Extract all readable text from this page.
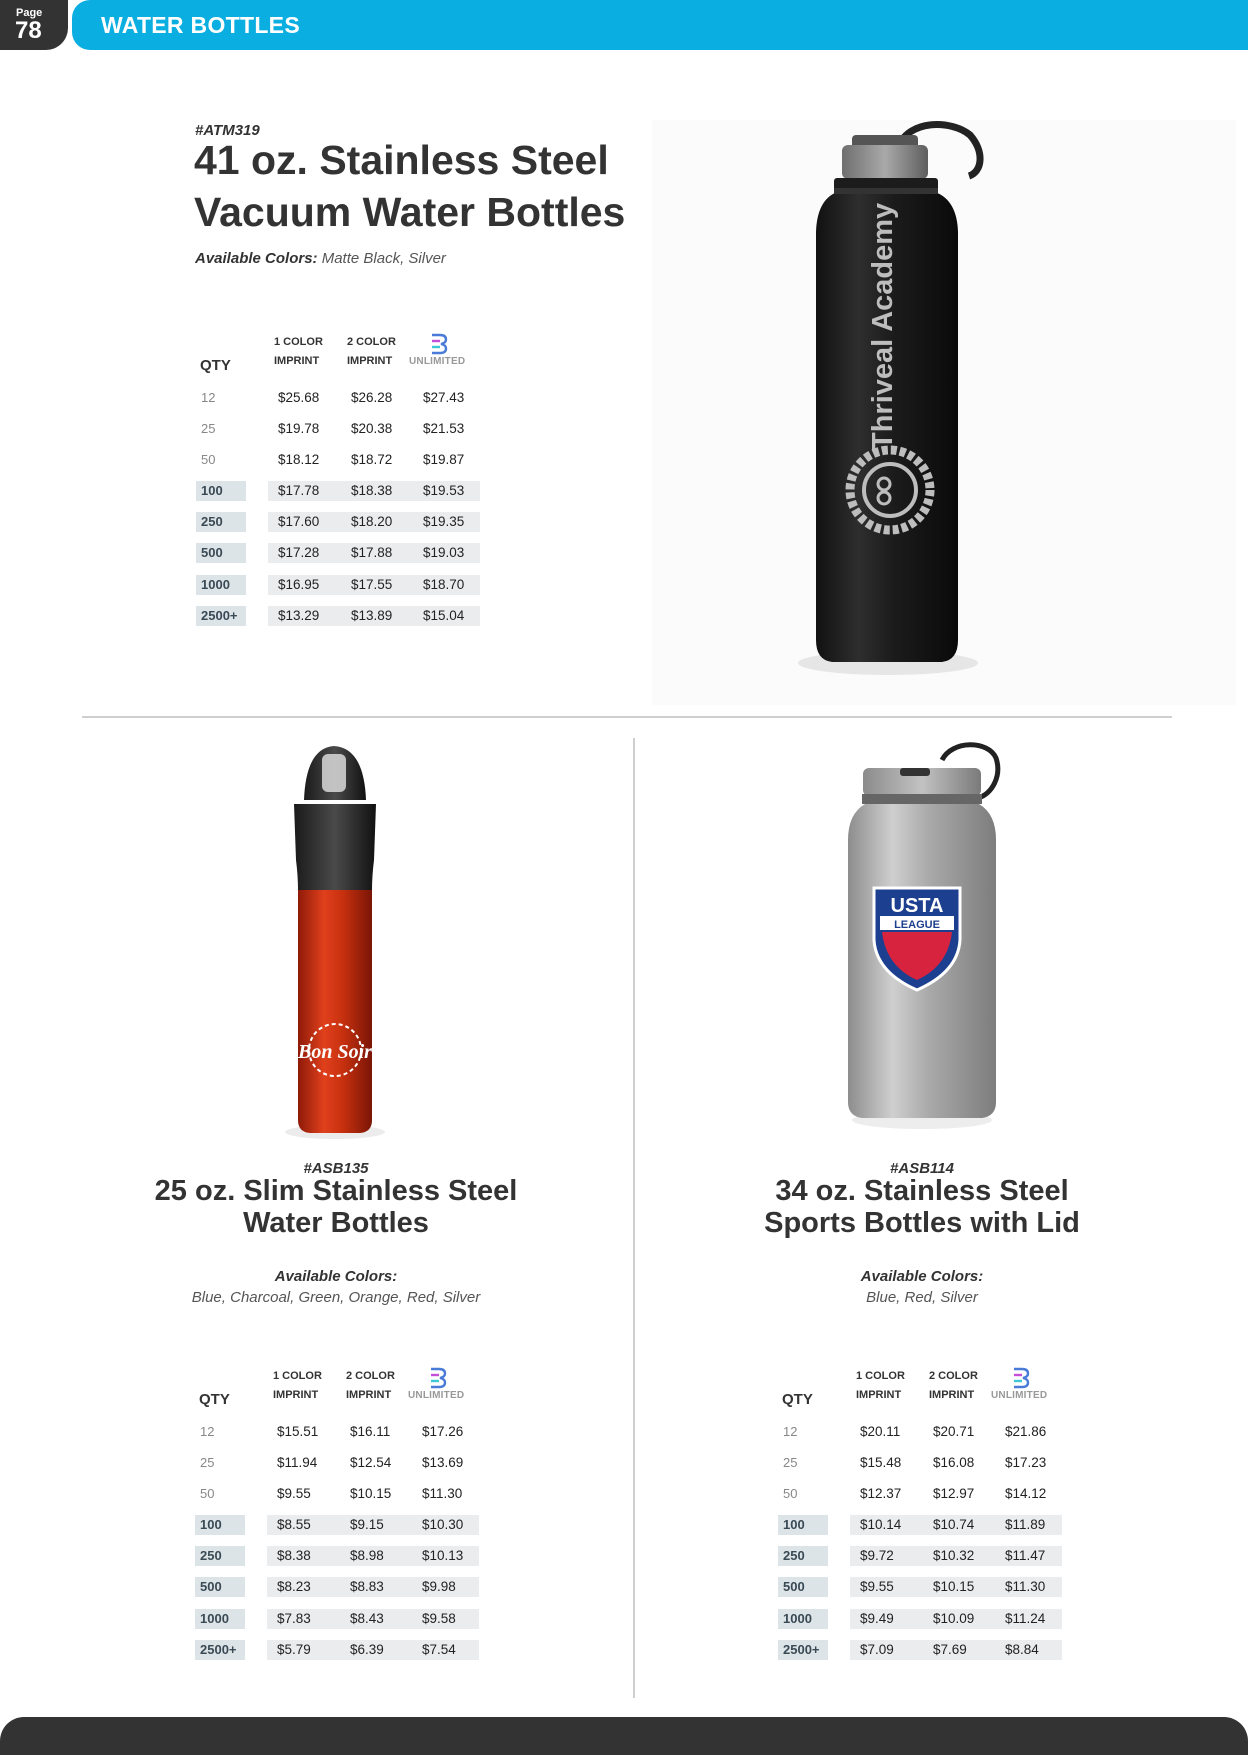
Page
78	WATER BOTTLES
#ATM319
41 oz. Stainless Steel
Vacuum Water Bottles
Available Colors: Matte Black, Silver
QTY
1 COLOR
IMPRINT
2 COLOR
IMPRINT	UNLIMITED
12	$25.68 $26.28 $27.43
25	$19.78 $20.38 $21.53
50	$18.12 $18.72 $19.87
100	$17.78 $18.38 $19.53
250	$17.60 $18.20 $19.35
500	$17.28 $17.88 $19.03
1000	$16.95 $17.55 $18.70
2500+	$13.29 $13.89 $15.04
Thriveal Academy
Bon Soir
#ASB135
25 oz. Slim Stainless Steel
Water Bottles
Available Colors:
Blue, Charcoal, Green, Orange, Red, Silver
QTY
1 COLOR
IMPRINT
2 COLOR
IMPRINT	UNLIMITED
12	$15.51 $16.11 $17.26
25	$11.94 $12.54 $13.69
50	$9.55	$10.15 $11.30
100	$8.55	$9.15	$10.30
250	$8.38	$8.98	$10.13
500	$8.23	$8.83	$9.98
1000	$7.83	$8.43	$9.58
2500+	$5.79	$6.39	$7.54
USTA
LEAGUE
#ASB114
34 oz. Stainless Steel
Sports Bottles with Lid
Available Colors:
Blue, Red, Silver
QTY
1 COLOR
IMPRINT
2 COLOR
IMPRINT	UNLIMITED
12	$20.11 $20.71 $21.86
25	$15.48 $16.08 $17.23
50	$12.37 $12.97 $14.12
100	$10.14 $10.74 $11.89
250	$9.72	$10.32 $11.47
500	$9.55	$10.15 $11.30
1000	$9.49	$10.09 $11.24
2500+	$7.09	$7.69	$8.84
